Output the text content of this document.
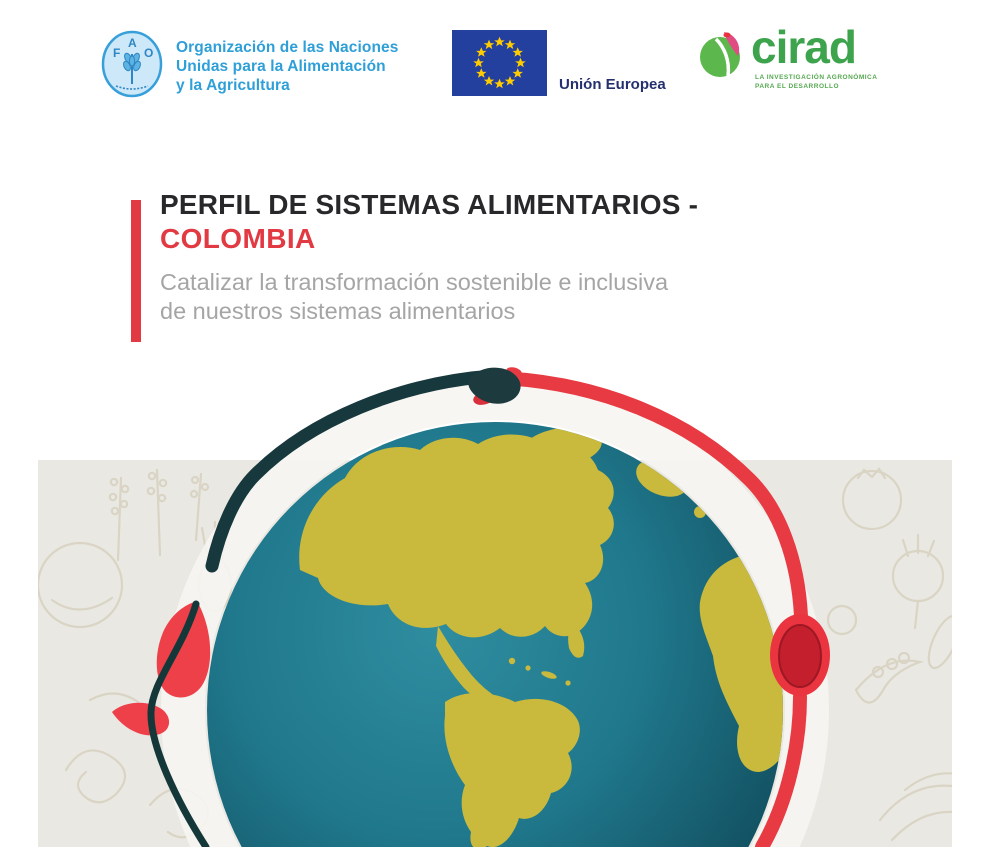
F
A
O Organización de las Naciones
Unidas para la Alimentación
y la Agricultura	Unión Europea
cirad
LA INVESTIGACIÓN AGRONÓMICA
PARA EL DESARROLLO
PERFIL DE SISTEMAS ALIMENTARIOS -
COLOMBIA
Catalizar la transformación sostenible e inclusiva
de nuestros sistemas alimentarios
